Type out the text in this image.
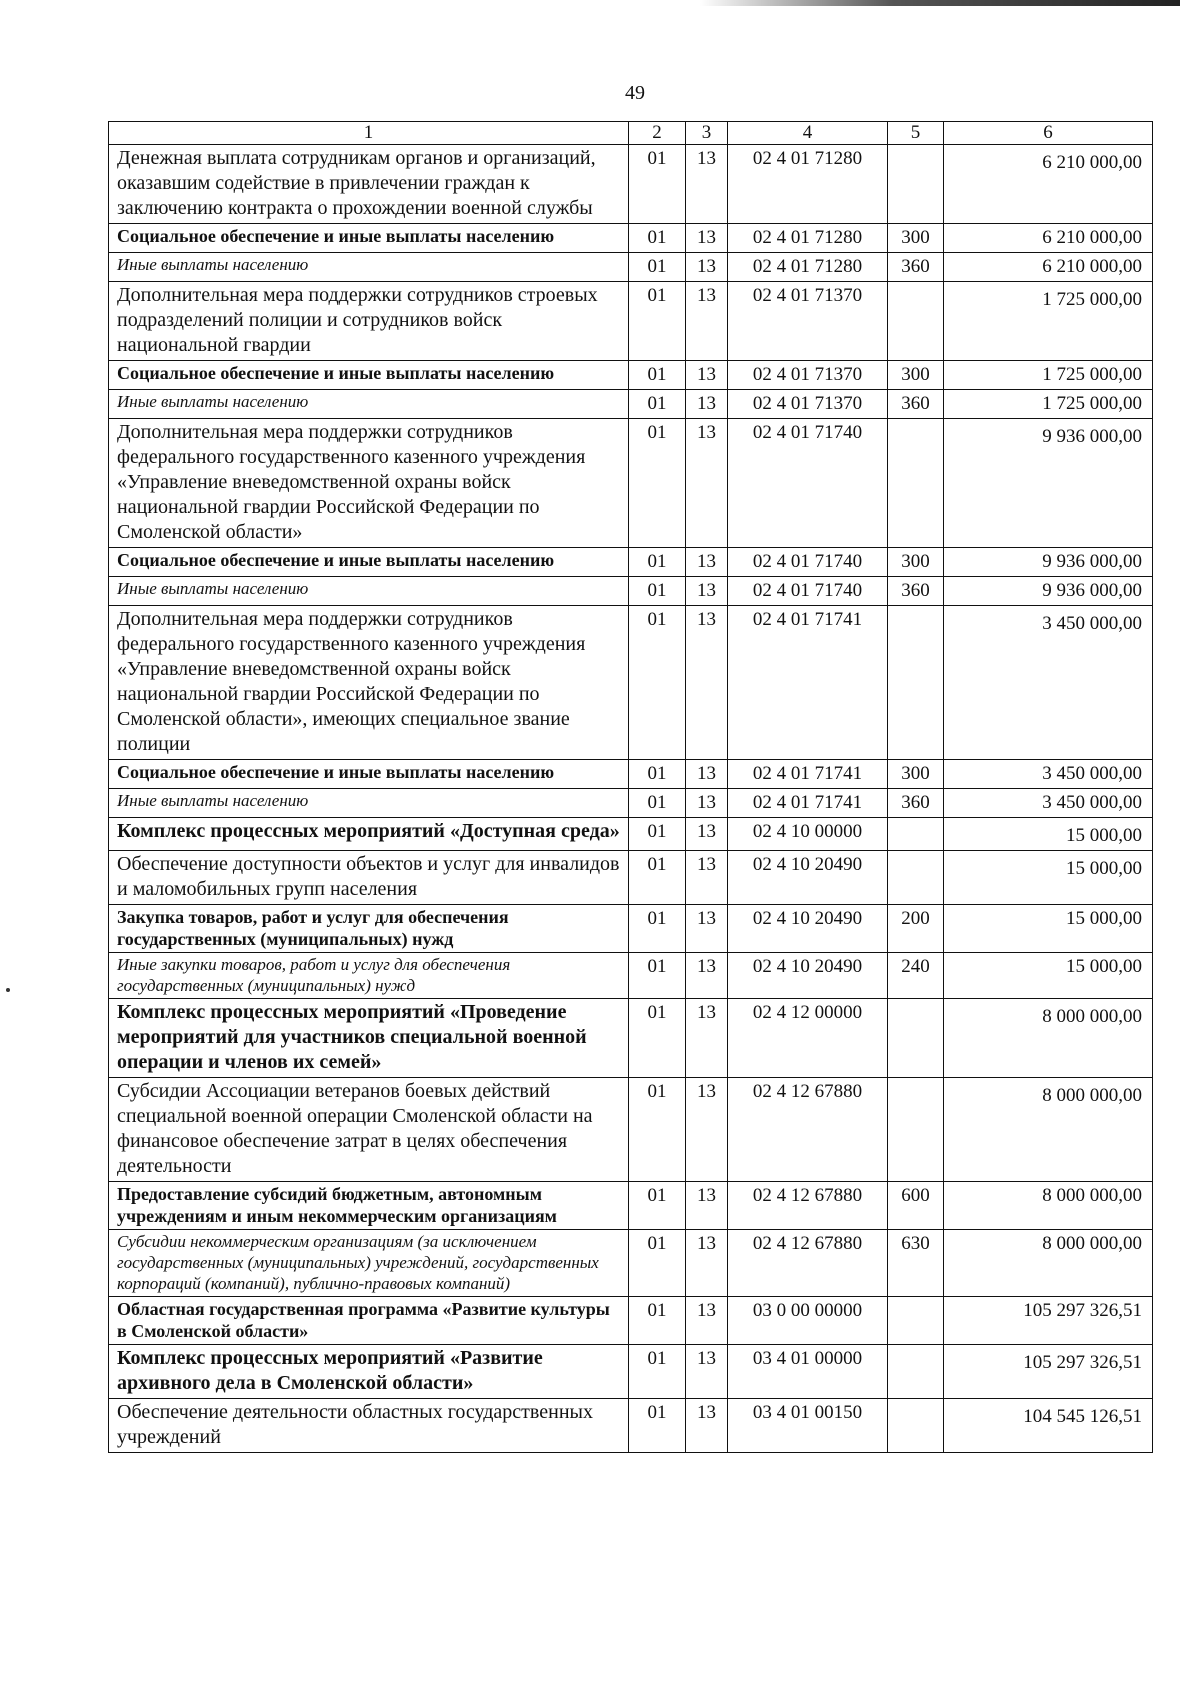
49
1	2	3	4	5	6
Денежная выплата сотрудникам органов и организаций, оказавшим содействие в привлечении граждан к заключению контракта о прохождении военной службы	01	13	02 4 01 71280		6 210 000,00
Социальное обеспечение и иные выплаты населению	01	13	02 4 01 71280	300	6 210 000,00
Иные выплаты населению	01	13	02 4 01 71280	360	6 210 000,00
Дополнительная мера поддержки сотрудников строевых подразделений полиции и сотрудников войск национальной гвардии	01	13	02 4 01 71370		1 725 000,00
Социальное обеспечение и иные выплаты населению	01	13	02 4 01 71370	300	1 725 000,00
Иные выплаты населению	01	13	02 4 01 71370	360	1 725 000,00
Дополнительная мера поддержки сотрудников федерального государственного казенного учреждения «Управление вневедомственной охраны войск национальной гвардии Российской Федерации по Смоленской области»	01	13	02 4 01 71740		9 936 000,00
Социальное обеспечение и иные выплаты населению	01	13	02 4 01 71740	300	9 936 000,00
Иные выплаты населению	01	13	02 4 01 71740	360	9 936 000,00
Дополнительная мера поддержки сотрудников федерального государственного казенного учреждения «Управление вневедомственной охраны войск национальной гвардии Российской Федерации по Смоленской области», имеющих специальное звание полиции	01	13	02 4 01 71741		3 450 000,00
Социальное обеспечение и иные выплаты населению	01	13	02 4 01 71741	300	3 450 000,00
Иные выплаты населению	01	13	02 4 01 71741	360	3 450 000,00
Комплекс процессных мероприятий «Доступная среда»	01	13	02 4 10 00000		15 000,00
Обеспечение доступности объектов и услуг для инвалидов и маломобильных групп населения	01	13	02 4 10 20490		15 000,00
Закупка товаров, работ и услуг для обеспечения государственных (муниципальных) нужд	01	13	02 4 10 20490	200	15 000,00
Иные закупки товаров, работ и услуг для обеспечения государственных (муниципальных) нужд	01	13	02 4 10 20490	240	15 000,00
Комплекс процессных мероприятий «Проведение мероприятий для участников специальной военной операции и членов их семей»	01	13	02 4 12 00000		8 000 000,00
Субсидии Ассоциации ветеранов боевых действий специальной военной операции Смоленской области на финансовое обеспечение затрат в целях обеспечения деятельности	01	13	02 4 12 67880		8 000 000,00
Предоставление субсидий бюджетным, автономным учреждениям и иным некоммерческим организациям	01	13	02 4 12 67880	600	8 000 000,00
Субсидии некоммерческим организациям (за исключением государственных (муниципальных) учреждений, государственных корпораций (компаний), публично-правовых компаний)	01	13	02 4 12 67880	630	8 000 000,00
Областная государственная программа «Развитие культуры в Смоленской области»	01	13	03 0 00 00000		105 297 326,51
Комплекс процессных мероприятий «Развитие архивного дела в Смоленской области»	01	13	03 4 01 00000		105 297 326,51
Обеспечение деятельности областных государственных учреждений	01	13	03 4 01 00150		104 545 126,51
